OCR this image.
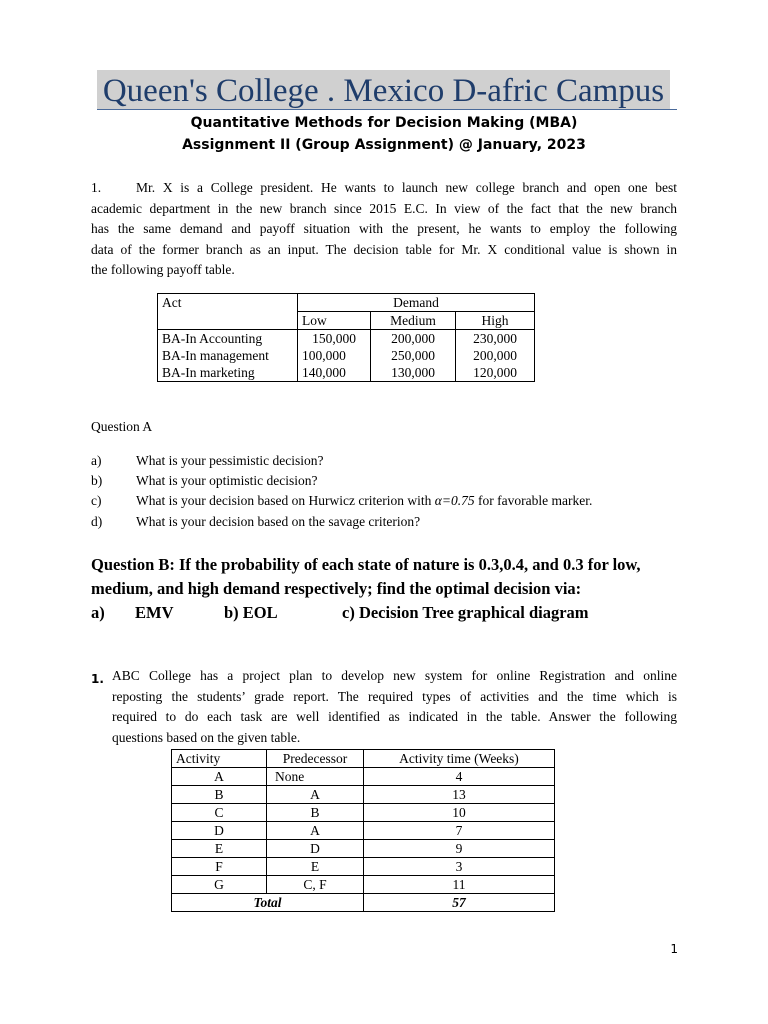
Queen's College . Mexico D-afric Campus
Quantitative Methods for Decision Making (MBA)
Assignment II (Group Assignment) @ January, 2023
1.	Mr. X is a College president. He wants to launch new college branch and open one best
academic department in the new branch since 2015 E.C. In view of the fact that the new branch
has the same demand and payoff situation with the present, he wants to employ the following
data of the former branch as an input. The decision table for Mr. X conditional value is shown in
the following payoff table.
Act	Demand		
	Low	Medium	High
BA-In Accounting	150,000	200,000	230,000
BA-In management	100,000	250,000	200,000
BA-In marketing	140,000	130,000	120,000
Question A
a)	What is your pessimistic decision?
b)	What is your optimistic decision?
c)	What is your decision based on Hurwicz criterion with α=0.75 for favorable marker.
d)	What is your decision based on the savage criterion?
Question B: If the probability of each state of nature is 0.3,0.4, and 0.3 for low,
medium, and high demand respectively; find the optimal decision via:
a) EMV	b) EOL	c) Decision Tree graphical diagram
1. ABC College has a project plan to develop new system for online Registration and online
reposting the students’ grade report. The required types of activities and the time which is
required to do each task are well identified as indicated in the table. Answer the following
questions based on the given table.
Activity	Predecessor	Activity time (Weeks)
A	None	4
B	A	13
C	B	10
D	A	7
E	D	9
F	E	3
G	C, F	11
Total		57
1
